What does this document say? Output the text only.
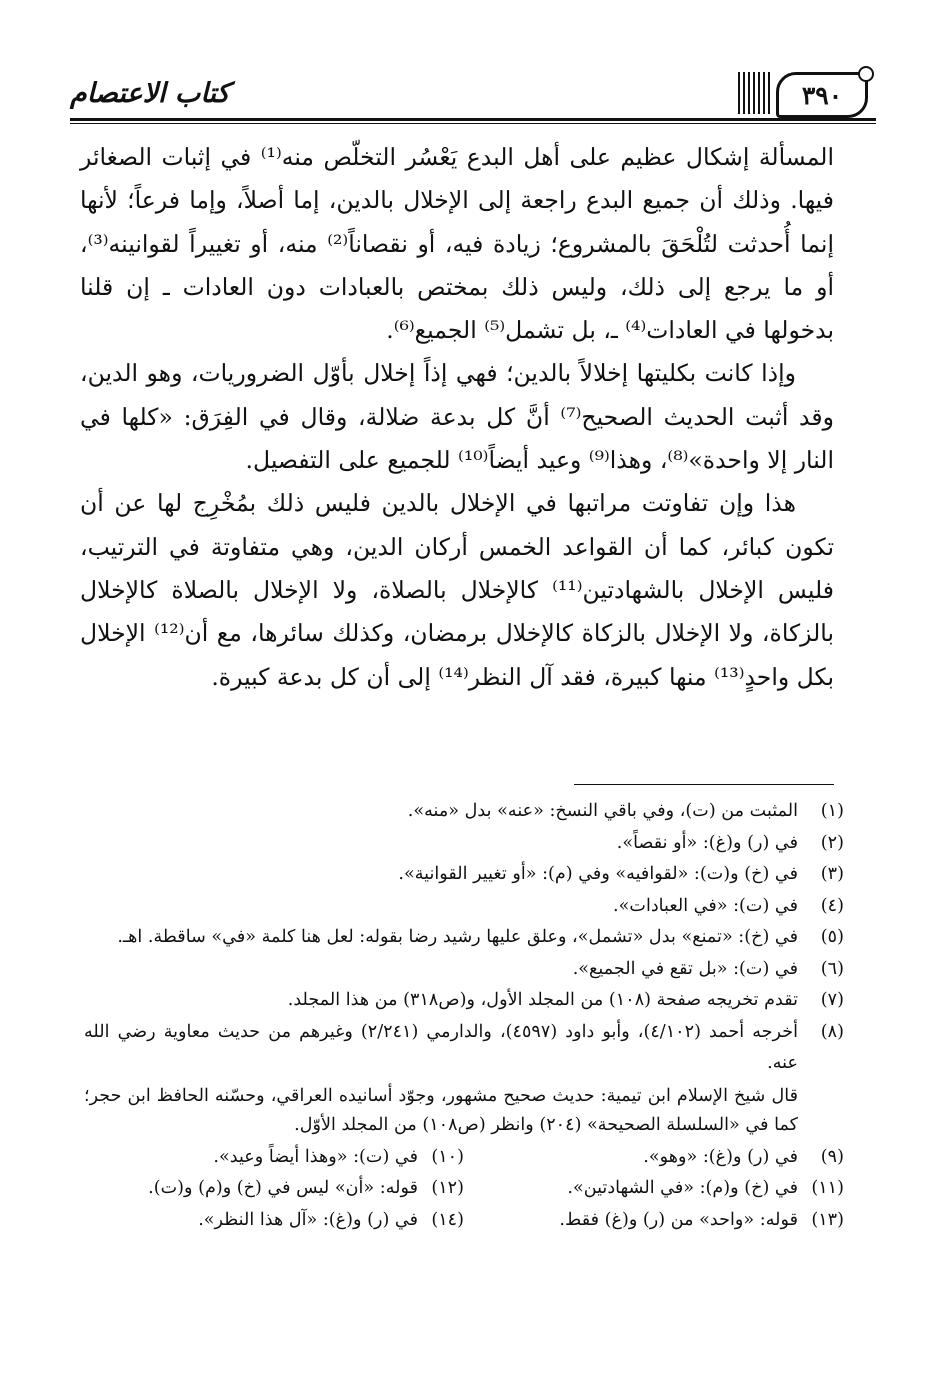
كتاب الاعتصام	٣٩٠

المسألة إشكال عظيم على أهل البدع يَعْسُر التخلّص منه⁽¹⁾ في إثبات الصغائر فيها. وذلك أن جميع البدع راجعة إلى الإخلال بالدين، إما أصلاً، وإما فرعاً؛ لأنها إنما أُحدثت لتُلْحَقَ بالمشروع؛ زيادة فيه، أو نقصاناً⁽²⁾ منه، أو تغييراً لقوانينه⁽³⁾، أو ما يرجع إلى ذلك، وليس ذلك بمختص بالعبادات دون العادات ـ إن قلنا بدخولها في العادات⁽⁴⁾ ـ، بل تشمل⁽⁵⁾ الجميع⁽⁶⁾.

وإذا كانت بكليتها إخلالاً بالدين؛ فهي إذاً إخلال بأوّل الضروريات، وهو الدين، وقد أثبت الحديث الصحيح⁽⁷⁾ أنَّ كل بدعة ضلالة، وقال في الفِرَق: «كلها في النار إلا واحدة»⁽⁸⁾، وهذا⁽⁹⁾ وعيد أيضاً⁽¹⁰⁾ للجميع على التفصيل.

هذا وإن تفاوتت مراتبها في الإخلال بالدين فليس ذلك بمُخْرِج لها عن أن تكون كبائر، كما أن القواعد الخمس أركان الدين، وهي متفاوتة في الترتيب، فليس الإخلال بالشهادتين⁽¹¹⁾ كالإخلال بالصلاة، ولا الإخلال بالصلاة كالإخلال بالزكاة، ولا الإخلال بالزكاة كالإخلال برمضان، وكذلك سائرها، مع أن⁽¹²⁾ الإخلال بكل واحدٍ⁽¹³⁾ منها كبيرة، فقد آل النظر⁽¹⁴⁾ إلى أن كل بدعة كبيرة.

(١)
المثبت من (ت)، وفي باقي النسخ: «عنه» بدل «منه».
(٢)
في (ر) و(غ): «أو نقصاً».
(٣)
في (خ) و(ت): «لقوافيه» وفي (م): «أو تغيير القوانية».
(٤)
في (ت): «في العبادات».
(٥)
في (خ): «تمنع» بدل «تشمل»، وعلق عليها رشيد رضا بقوله: لعل هنا كلمة «في» ساقطة. اهـ.
(٦)
في (ت): «بل تقع في الجميع».
(٧)
تقدم تخريجه صفحة (١٠٨) من المجلد الأول، و(ص٣١٨) من هذا المجلد.
(٨)
أخرجه أحمد (٤/١٠٢)، وأبو داود (٤٥٩٧)، والدارمي (٢/٢٤١) وغيرهم من حديث معاوية رضي الله عنه.
قال شيخ الإسلام ابن تيمية: حديث صحيح مشهور، وجوّد أسانيده العراقي، وحسّنه الحافظ ابن حجر؛ كما في «السلسلة الصحيحة» (٢٠٤) وانظر (ص١٠٨) من المجلد الأوّل.
(٩)
في (ر) و(غ): «وهو».
(١٠)
في (ت): «وهذا أيضاً وعيد».
(١١)
في (خ) و(م): «في الشهادتين».
(١٢)
قوله: «أن» ليس في (خ) و(م) و(ت).
(١٣)
قوله: «واحد» من (ر) و(غ) فقط.
(١٤)
في (ر) و(غ): «آل هذا النظر».
